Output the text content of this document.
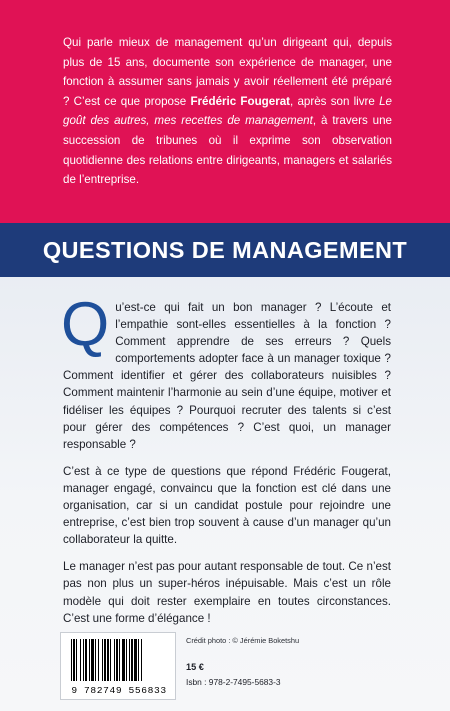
Qui parle mieux de management qu’un dirigeant qui, depuis plus de 15 ans, documente son expérience de manager, une fonction à assumer sans jamais y avoir réellement été préparé ? C’est ce que propose Frédéric Fougerat, après son livre Le goût des autres, mes recettes de management, à travers une succession de tribunes où il exprime son observation quotidienne des relations entre dirigeants, managers et salariés de l’entreprise.
QUESTIONS DE MANAGEMENT

Qu’est-ce qui fait un bon manager ? L’écoute et l’empathie sont-elles essentielles à la fonction ? Comment apprendre de ses erreurs ? Quels comportements adopter face à un manager toxique ? Comment identifier et gérer des collaborateurs nuisibles ? Comment maintenir l’harmonie au sein d’une équipe, motiver et fidéliser les équipes ? Pourquoi recruter des talents si c’est pour gérer des compétences ? C’est quoi, un manager responsable ?

C’est à ce type de questions que répond Frédéric Fougerat, manager engagé, convaincu que la fonction est clé dans une organisation, car si un candidat postule pour rejoindre une entreprise, c’est bien trop souvent à cause d’un manager qu’un collaborateur la quitte.

Le manager n’est pas pour autant responsable de tout. Ce n’est pas non plus un super-héros inépuisable. Mais c’est un rôle modèle qui doit rester exemplaire en toutes circonstances. C’est une forme d’élégance !

9 782749 556833
Crédit photo : © Jérémie Boketshu
15 €
Isbn : 978-2-7495-5683-3
